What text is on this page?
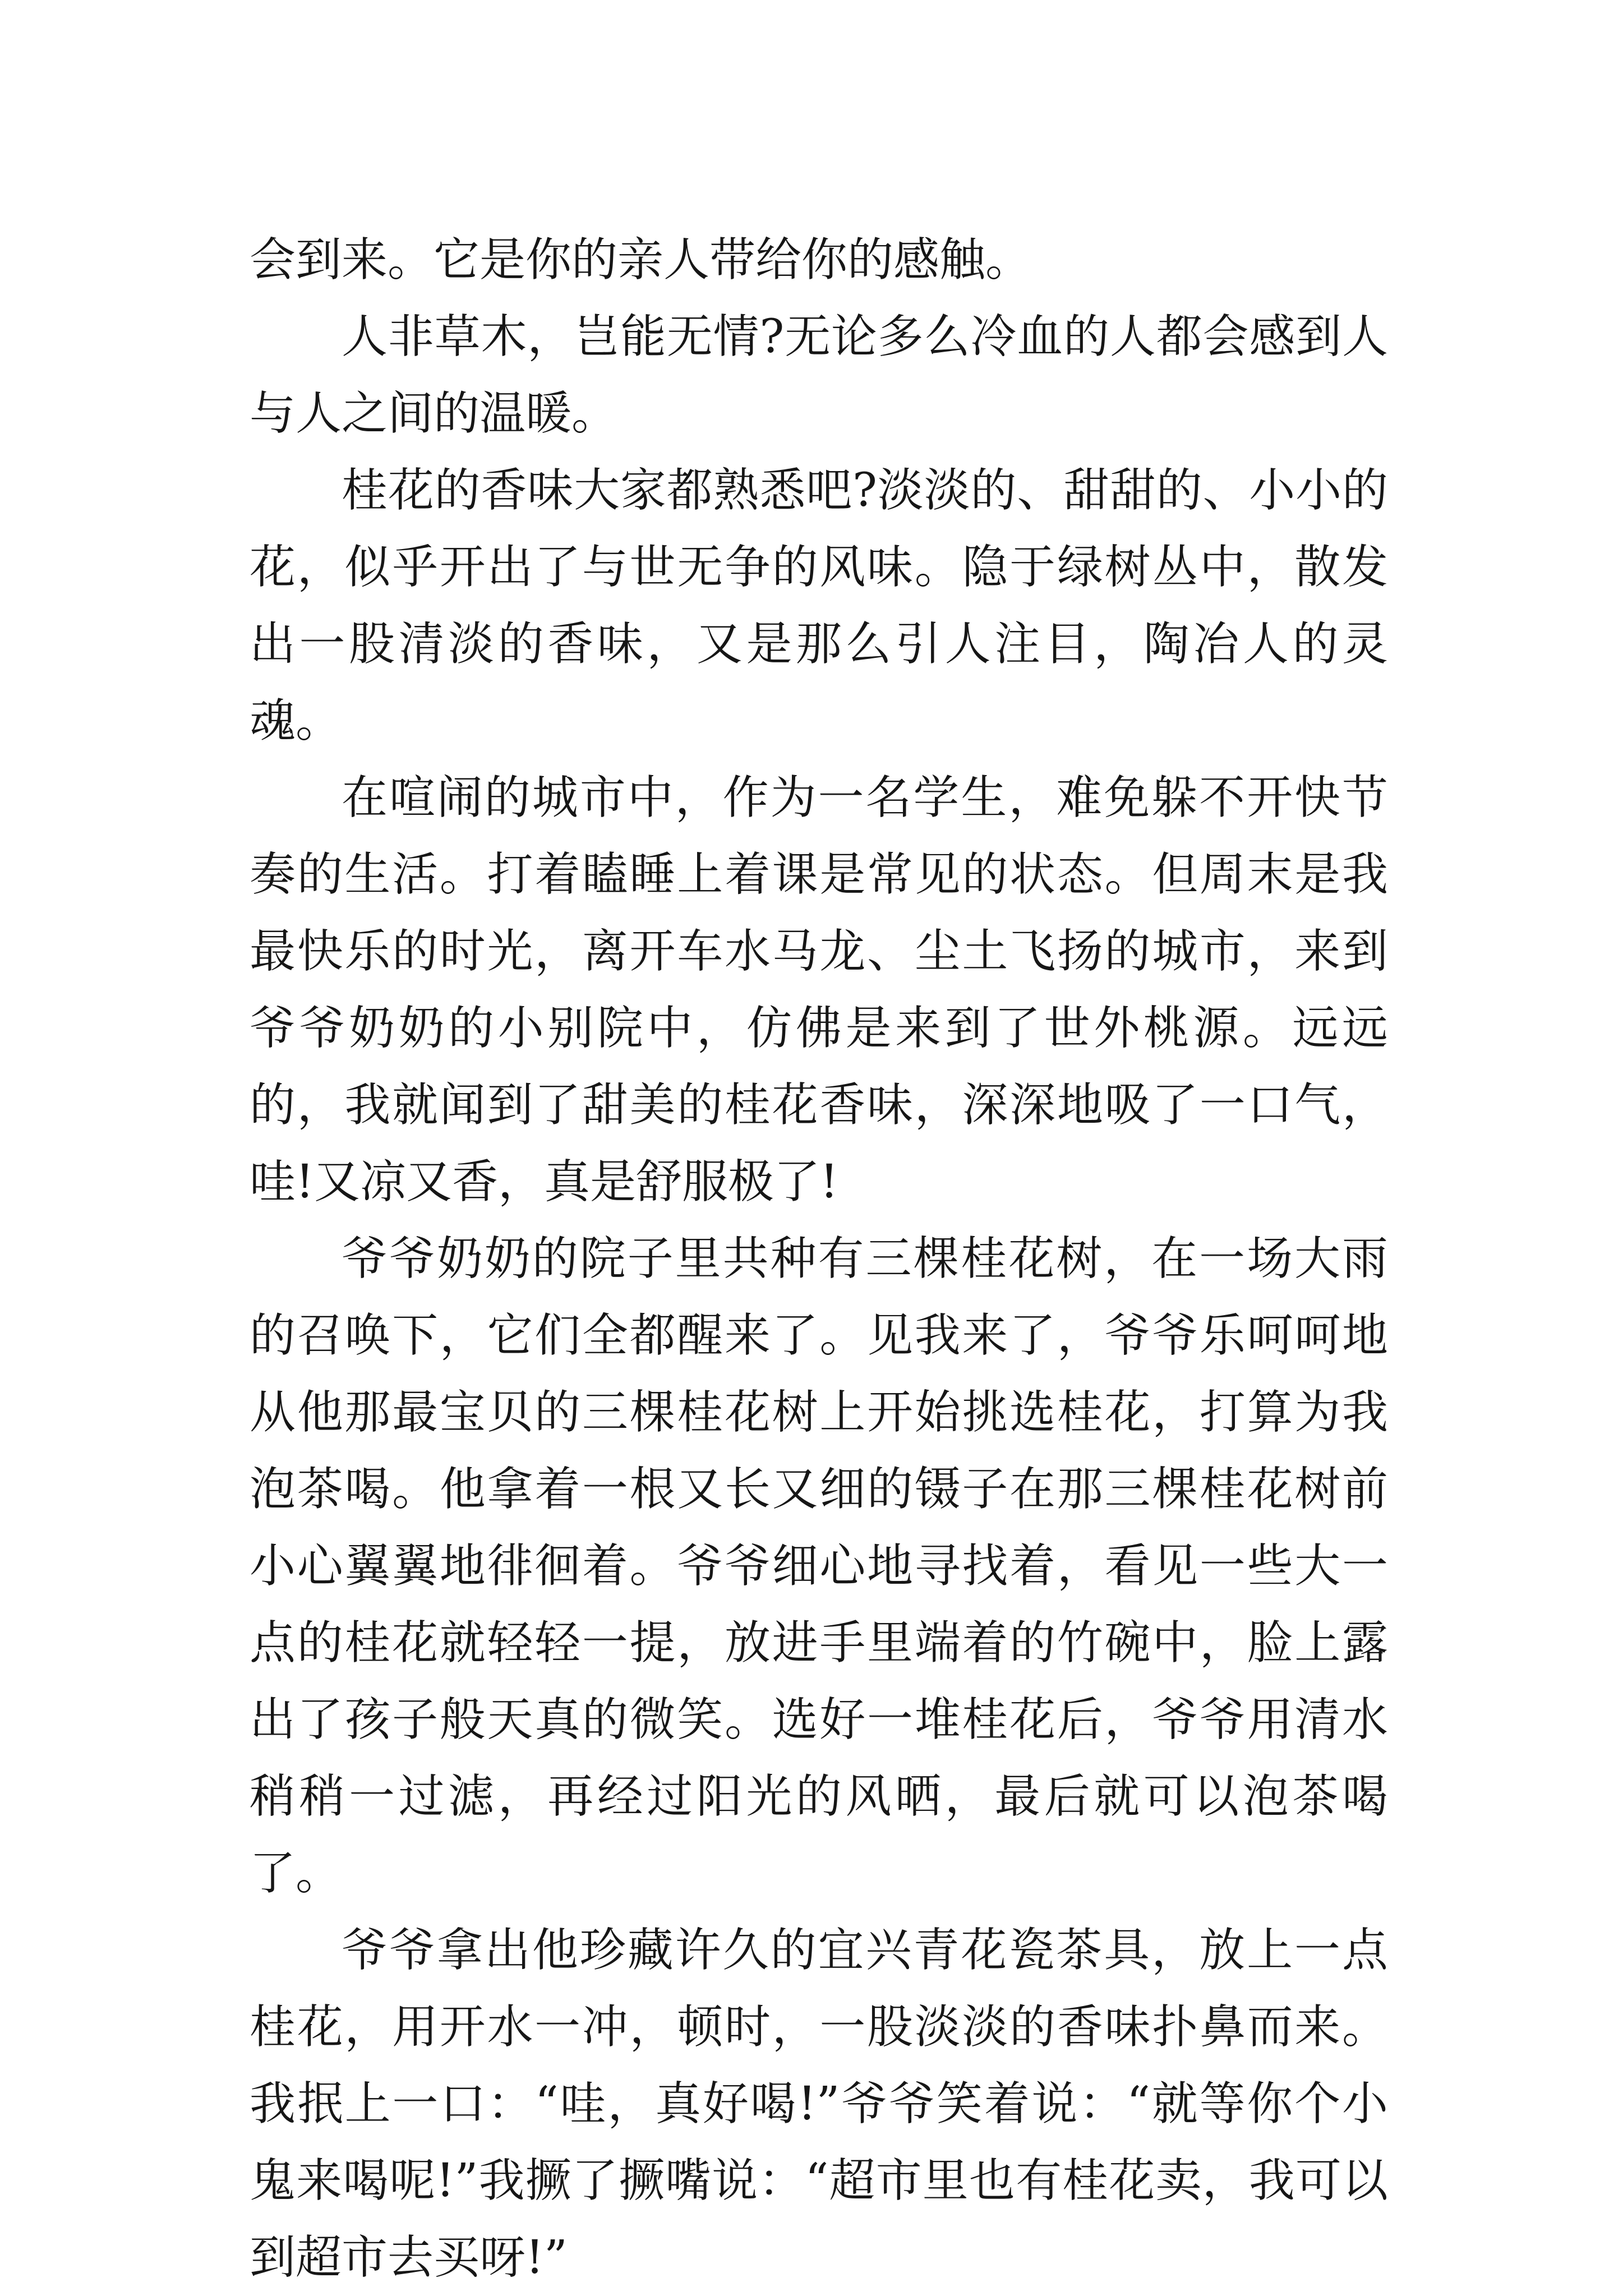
会到来。它是你的亲人带给你的感触。

人非草木，岂能无情?无论多么冷血的人都会感到人与人之间的温暖。

桂花的香味大家都熟悉吧?淡淡的、甜甜的、小小的花，似乎开出了与世无争的风味。隐于绿树丛中，散发出一股清淡的香味，又是那么引人注目，陶冶人的灵魂。

在喧闹的城市中，作为一名学生，难免躲不开快节奏的生活。打着瞌睡上着课是常见的状态。但周末是我最快乐的时光，离开车水马龙、尘土飞扬的城市，来到爷爷奶奶的小别院中，仿佛是来到了世外桃源。远远的，我就闻到了甜美的桂花香味，深深地吸了一口气，哇!又凉又香，真是舒服极了!

爷爷奶奶的院子里共种有三棵桂花树，在一场大雨的召唤下，它们全都醒来了。见我来了，爷爷乐呵呵地从他那最宝贝的三棵桂花树上开始挑选桂花，打算为我泡茶喝。他拿着一根又长又细的镊子在那三棵桂花树前小心翼翼地徘徊着。爷爷细心地寻找着，看见一些大一点的桂花就轻轻一提，放进手里端着的竹碗中，脸上露出了孩子般天真的微笑。选好一堆桂花后，爷爷用清水稍稍一过滤，再经过阳光的风晒，最后就可以泡茶喝了。

爷爷拿出他珍藏许久的宜兴青花瓷茶具，放上一点桂花，用开水一冲，顿时，一股淡淡的香味扑鼻而来。我抿上一口：“哇，真好喝!”爷爷笑着说：“就等你个小鬼来喝呢!”我撅了撅嘴说：“超市里也有桂花卖，我可以到超市去买呀!”
